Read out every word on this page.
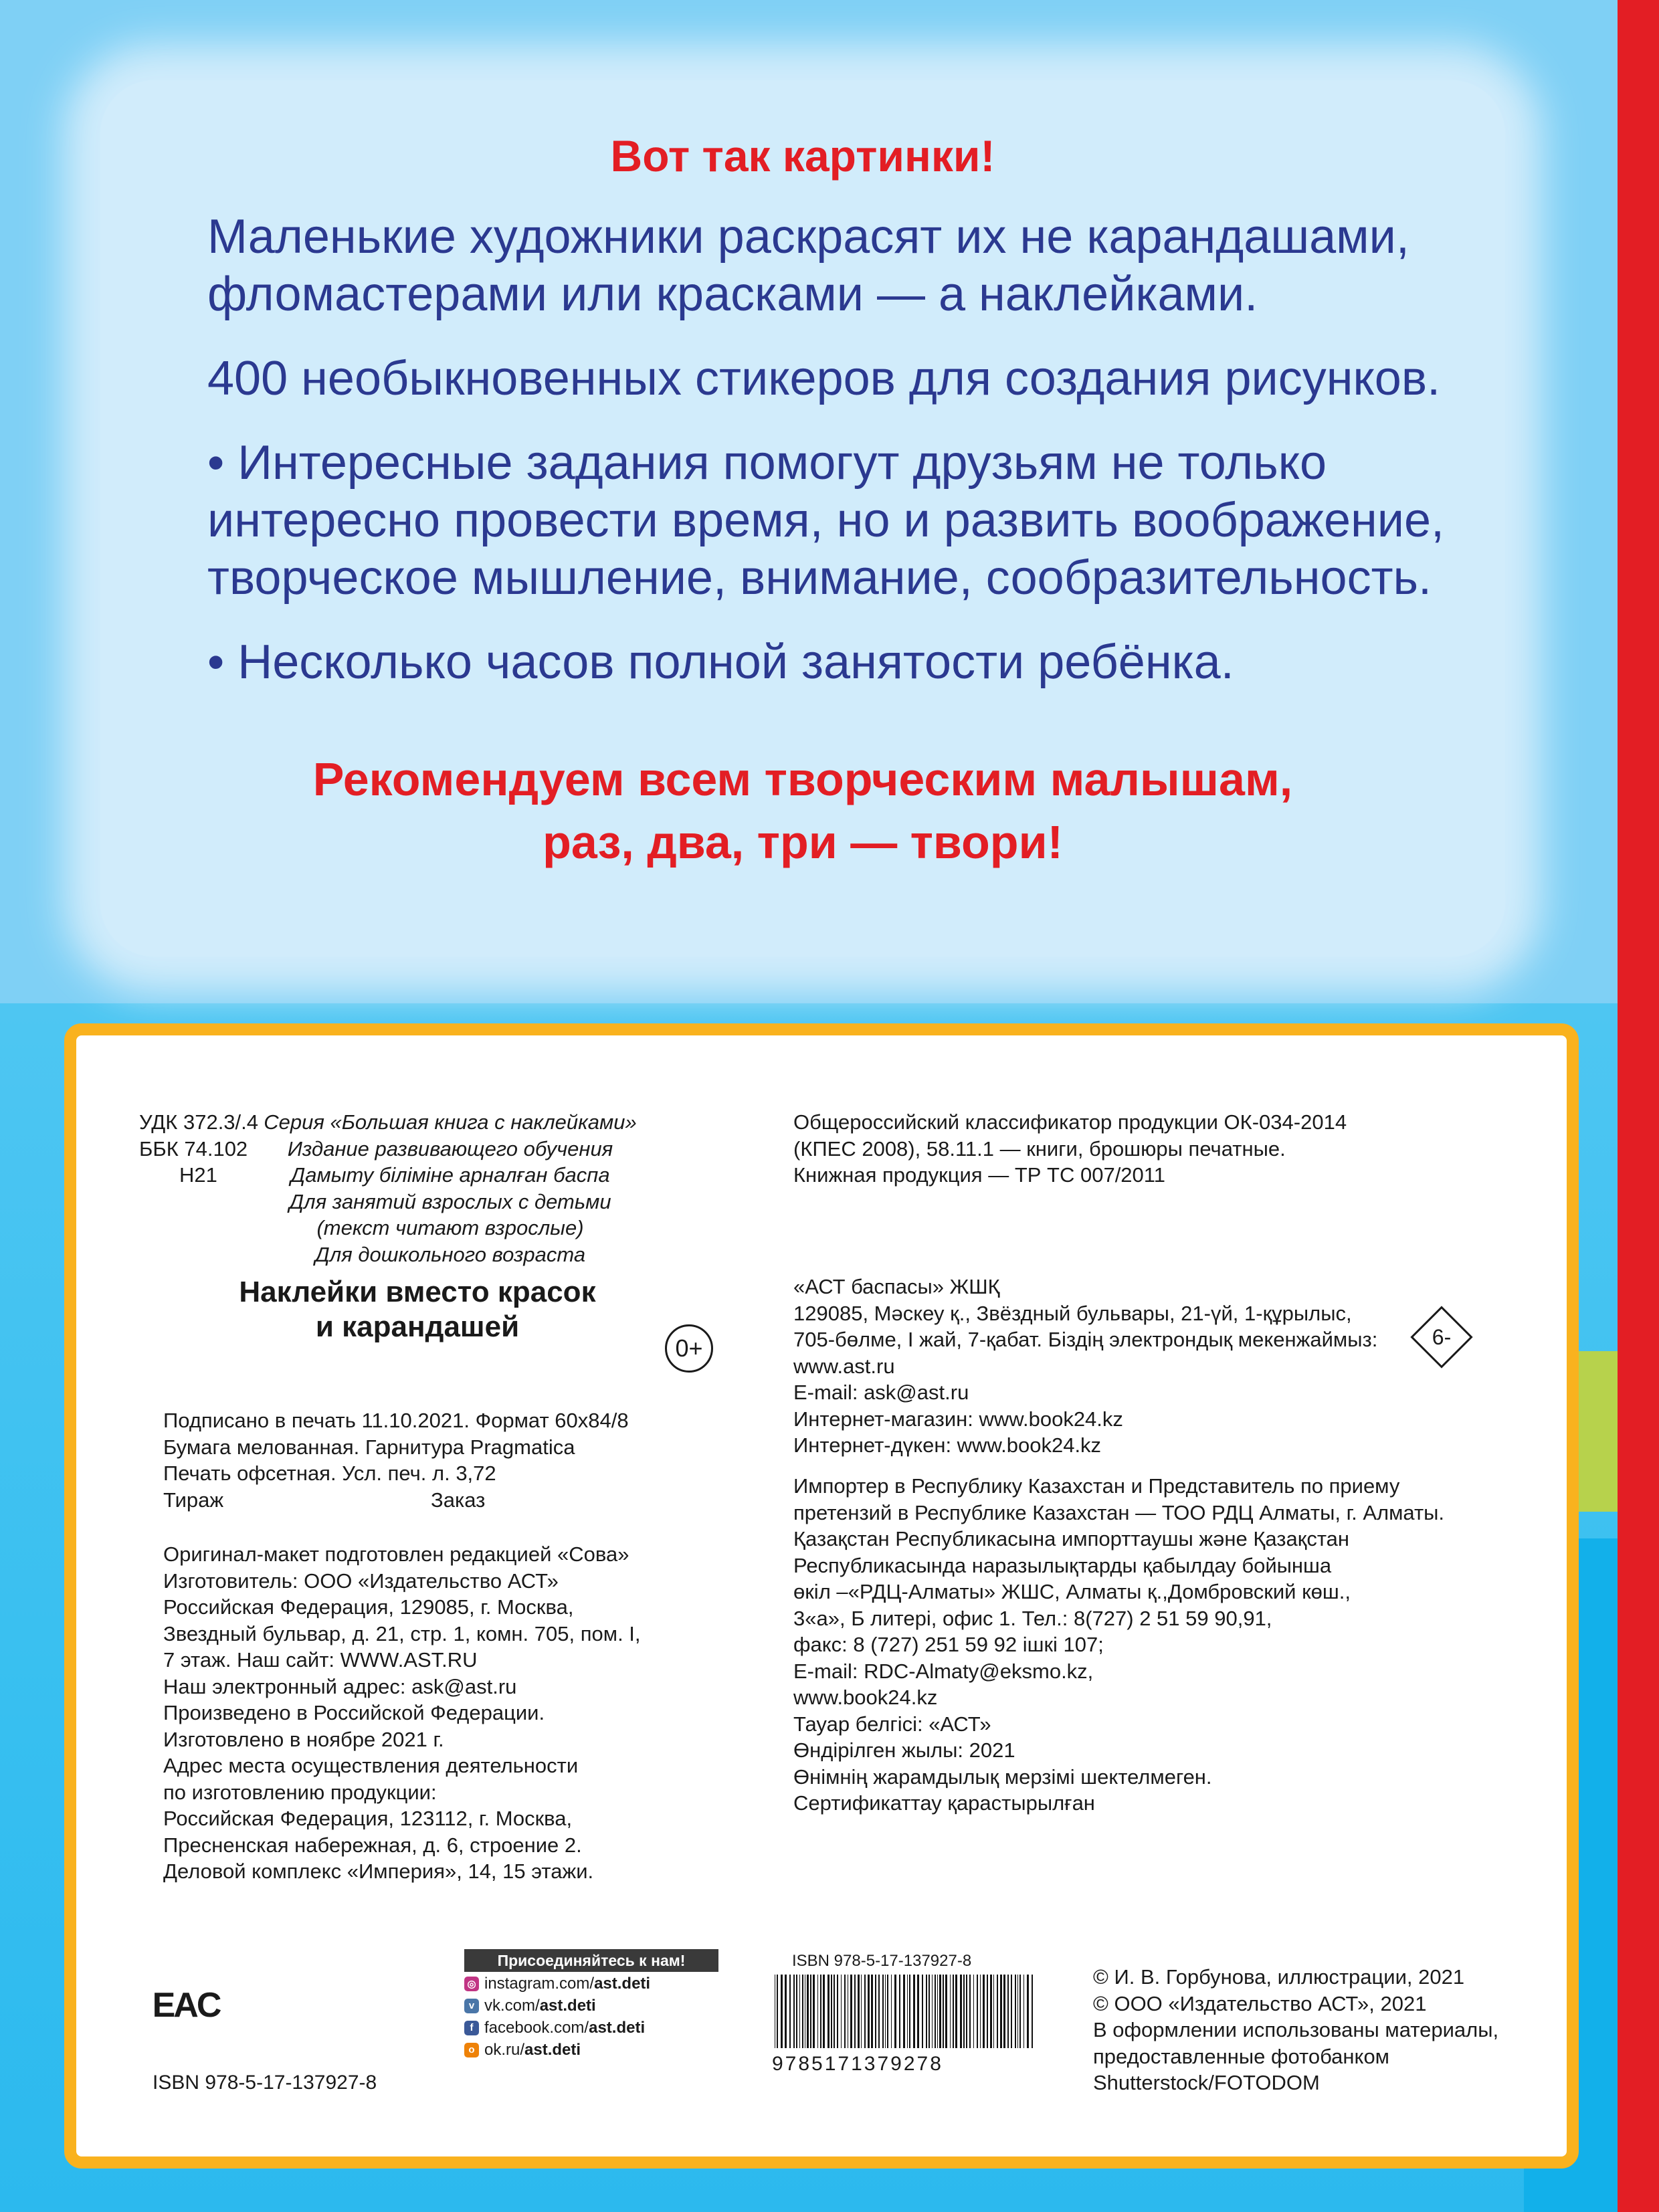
Вот так картинки!

Маленькие художники раскрасят их не карандашами, фломастерами или красками — а наклейками.

400 необыкновенных стикеров для создания рисунков.

• Интересные задания помогут друзьям не только интересно провести время, но и развить воображение, творческое мышление, внимание, сообразительность.

• Несколько часов полной занятости ребёнка.

Рекомендуем всем творческим малышам,
раз, два, три — твори!
УДК 372.3/.4
ББК 74.102
Н21
Серия «Большая книга с наклейками»
Издание развивающего обучения
Дамыту біліміне арналған баспа
Для занятий взрослых с детьми
(текст читают взрослые)
Для дошкольного возраста
Наклейки вместо красок
и карандашей
0+
Подписано в печать 11.10.2021. Формат 60х84/8
Бумага мелованная. Гарнитура Pragmatica
Печать офсетная. Усл. печ. л. 3,72
Тираж	Заказ
Оригинал-макет подготовлен редакцией «Сова»
Изготовитель: ООО «Издательство АСТ»
Российская Федерация, 129085, г. Москва,
Звездный бульвар, д. 21, стр. 1, комн. 705, пом. I,
7 этаж. Наш сайт: WWW.AST.RU
Наш электронный адрес: ask@ast.ru
Произведено в Российской Федерации.
Изготовлено в ноябре 2021 г.
Адрес места осуществления деятельности
по изготовлению продукции:
Российская Федерация, 123112, г. Москва,
Пресненская набережная, д. 6, строение 2.
Деловой комплекс «Империя», 14, 15 этажи.
Общероссийский классификатор продукции ОК-034-2014
(КПЕС 2008), 58.11.1 — книги, брошюры печатные.
Книжная продукция — ТР ТС 007/2011
«АСТ баспасы» ЖШҚ
129085, Мәскеу қ., Звёздный бульвары, 21-үй, 1-құрылыс,
705-бөлме, I жай, 7-қабат. Біздің электрондық мекенжаймыз:
www.ast.ru
E-mail: ask@ast.ru
Интернет-магазин: www.book24.kz
Интернет-дүкен: www.book24.kz
6-
Импортер в Республику Казахстан и Представитель по приему
претензий в Республике Казахстан — ТОО РДЦ Алматы, г. Алматы.
Қазақстан Республикасына импорттаушы және Қазақстан
Республикасында наразылықтарды қабылдау бойынша
өкіл –«РДЦ-Алматы» ЖШС, Алматы қ.,Домбровский көш.,
3«а», Б литері, офис 1. Тел.: 8(727) 2 51 59 90,91,
факс: 8 (727) 251 59 92 ішкі 107;
E-mail: RDC-Almaty@eksmo.kz,
www.book24.kz
Тауар белгісі: «АСТ»
Өндірілген жылы: 2021
Өнімнің жарамдылық мерзімі шектелмеген.
Сертификаттау қарастырылған
EAC
ISBN 978-5-17-137927-8
Присоединяйтесь к нам!
◎ instagram.com/ ast.deti
v vk.com/ ast.deti
f facebook.com/ ast.deti
o ok.ru/ ast.deti
ISBN 978-5-17-137927-8
9785171379278
© И. В. Горбунова, иллюстрации, 2021
© ООО «Издательство АСТ», 2021
В оформлении использованы материалы,
предоставленные фотобанком
Shutterstock/FOTODOM
